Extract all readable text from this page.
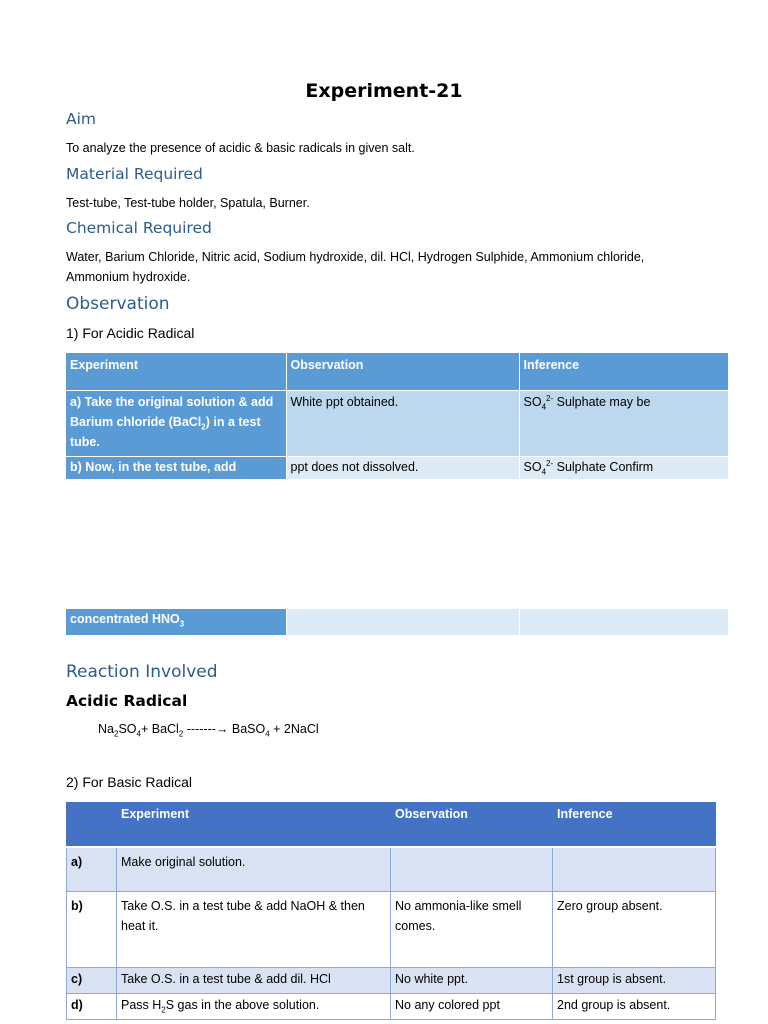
Experiment-21
Aim
To analyze the presence of acidic & basic radicals in given salt.
Material Required
Test-tube, Test-tube holder, Spatula, Burner.
Chemical Required
Water, Barium Chloride, Nitric acid, Sodium hydroxide, dil. HCl, Hydrogen Sulphide, Ammonium chloride,
Ammonium hydroxide.
Observation
1) For Acidic Radical
Experiment	Observation	Inference

a) Take the original solution & add
Barium chloride (BaCl$_2$) in a test
tube.	White ppt obtained.	$SO_4^{2-}$ Sulphate may be
b) Now, in the test tube, add	ppt does not dissolved.	$SO_4^{2-}$ Sulphate Confirm
concentrated $HNO_3$		
Reaction Involved
Acidic Radical
$Na_2SO_4+$ BaCl$_2$ -------→ BaSO$_4$ + 2NaCl
2) For Basic Radical
	Experiment	Observation	Inference
a)	Make original solution.		
b)	Take O.S. in a test tube & add NaOH & then heat it.	No ammonia-like smell comes.	Zero group absent.
c)	Take O.S. in a test tube & add dil. HCl	No white ppt.	1st group is absent.
d)	Pass $H_2S$ gas in the above solution.	No any colored ppt	2nd group is absent.
